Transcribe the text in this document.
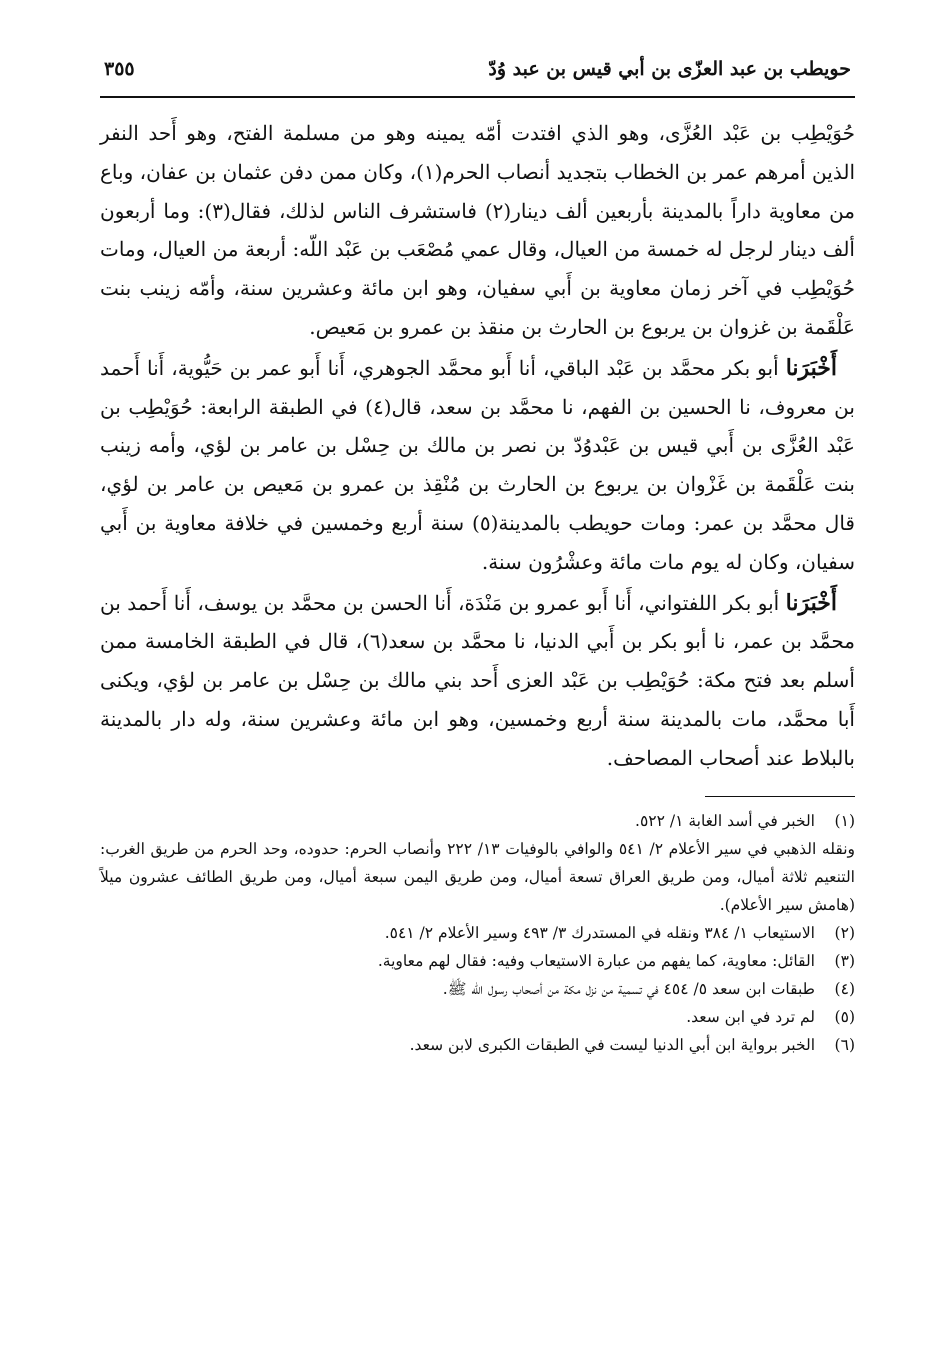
حويطب بن عبد العزّى بن أبي قيس بن عبد وُدّ
٣٥٥

حُوَيْطِب بن عَبْد العُزَّى، وهو الذي افتدت أمّه يمينه وهو من مسلمة الفتح، وهو أَحد النفر الذين أمرهم عمر بن الخطاب بتجديد أنصاب الحرم(١)، وكان ممن دفن عثمان بن عفان، وباع من معاوية داراً بالمدينة بأربعين ألف دينار(٢) فاستشرف الناس لذلك، فقال(٣): وما أربعون ألف دينار لرجل له خمسة من العيال، وقال عمي مُصْعَب بن عَبْد اللّه: أربعة من العيال، ومات حُوَيْطِب في آخر زمان معاوية بن أَبي سفيان، وهو ابن مائة وعشرين سنة، وأمّه زينب بنت عَلْقَمة بن غزوان بن يربوع بن الحارث بن منقذ بن عمرو بن مَعيص.

أَخْبَرَنا أبو بكر محمَّد بن عَبْد الباقي، أنا أَبو محمَّد الجوهري، أَنا أَبو عمر بن حَيُّوية، أَنا أَحمد بن معروف، نا الحسين بن الفهم، نا محمَّد بن سعد، قال(٤) في الطبقة الرابعة: حُوَيْطِب بن عَبْد العُزَّى بن أَبي قيس بن عَبْدوُدّ بن نصر بن مالك بن حِسْل بن عامر بن لؤي، وأمه زينب بنت عَلْقَمة بن غَزْوان بن يربوع بن الحارث بن مُنْقِذ بن عمرو بن مَعيص بن عامر بن لؤي، قال محمَّد بن عمر: ومات حويطب بالمدينة(٥) سنة أربع وخمسين في خلافة معاوية بن أَبي سفيان، وكان له يوم مات مائة وعشْرُون سنة.

أَخْبَرَنا أبو بكر اللفتواني، أَنا أَبو عمرو بن مَنْدَة، أَنا الحسن بن محمَّد بن يوسف، أَنا أَحمد بن محمَّد بن عمر، نا أبو بكر بن أَبي الدنيا، نا محمَّد بن سعد(٦)، قال في الطبقة الخامسة ممن أسلم بعد فتح مكة: حُوَيْطِب بن عَبْد العزى أَحد بني مالك بن حِسْل بن عامر بن لؤي، ويكنى أَبا محمَّد، مات بالمدينة سنة أربع وخمسين، وهو ابن مائة وعشرين سنة، وله دار بالمدينة بالبلاط عند أصحاب المصاحف.

(١)
الخبر في أسد الغابة ١/ ٥٢٢.
ونقله الذهبي في سير الأعلام ٢/ ٥٤١ والوافي بالوفيات ١٣/ ٢٢٢ وأنصاب الحرم: حدوده، وحد الحرم من طريق الغرب: التنعيم ثلاثة أميال، ومن طريق العراق تسعة أميال، ومن طريق اليمن سبعة أميال، ومن طريق الطائف عشرون ميلاً (هامش سير الأعلام).
(٢)
الاستيعاب ١/ ٣٨٤ ونقله في المستدرك ٣/ ٤٩٣ وسير الأعلام ٢/ ٥٤١.
(٣)
القائل: معاوية، كما يفهم من عبارة الاستيعاب وفيه: فقال لهم معاوية.
(٤)
طبقات ابن سعد ٥/ ٤٥٤ في تسمية من نزل مكة من أصحاب رسول الله ﷺ.
(٥)
لم ترد في ابن سعد.
(٦)
الخبر برواية ابن أبي الدنيا ليست في الطبقات الكبرى لابن سعد.
